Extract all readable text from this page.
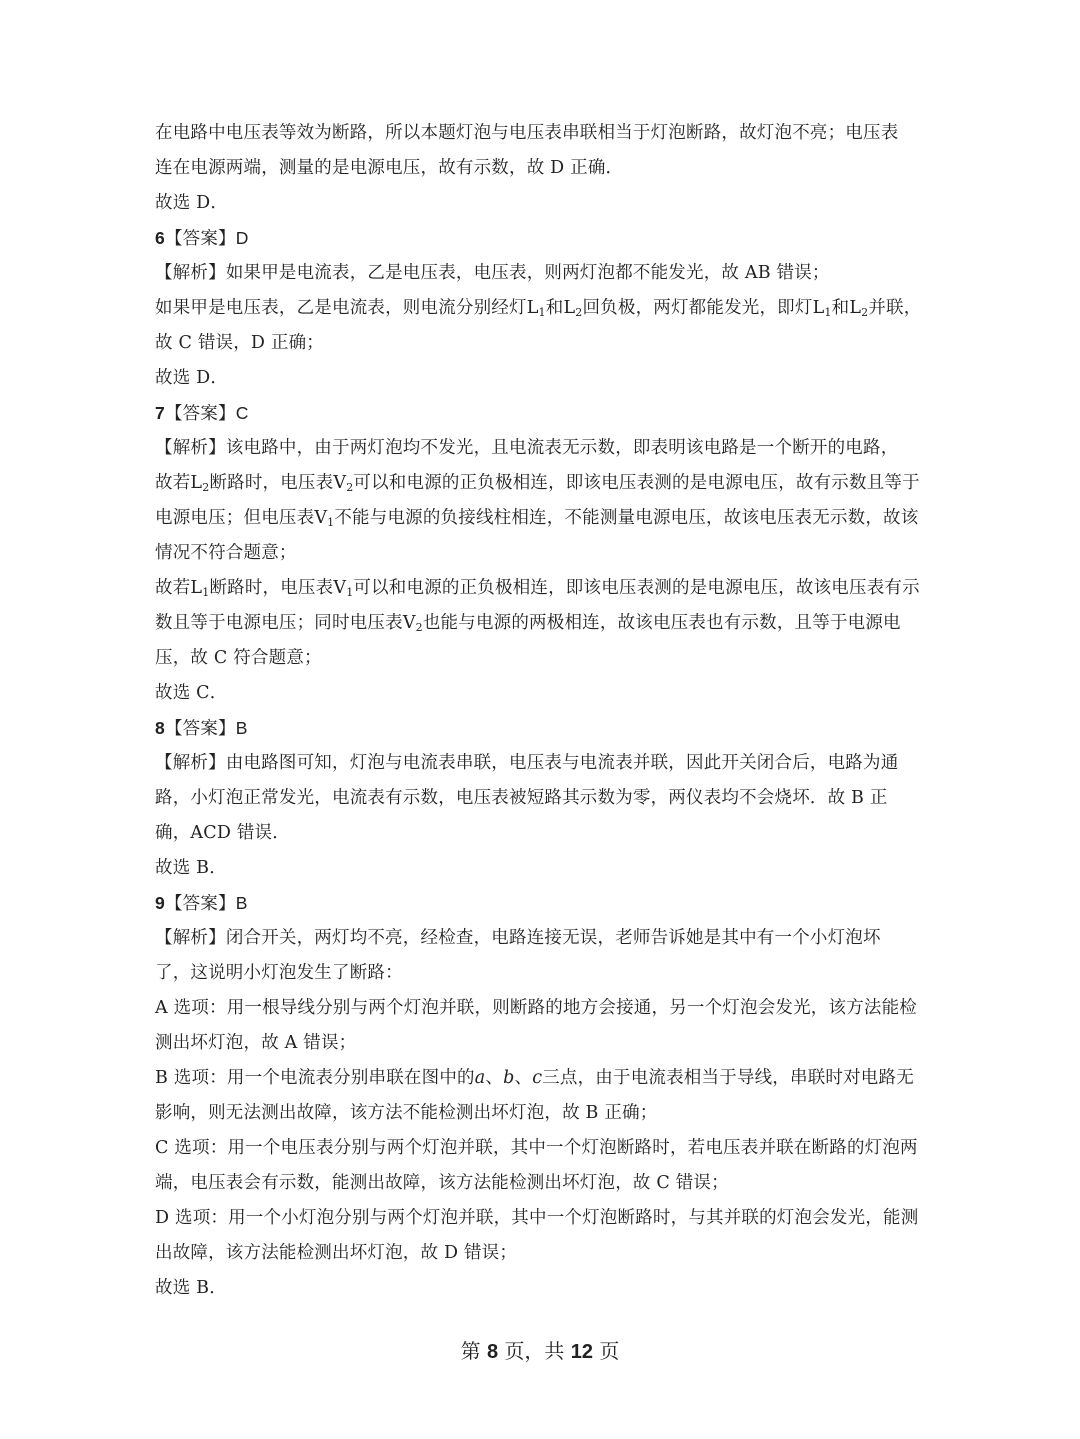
在电路中电压表等效为断路，所以本题灯泡与电压表串联相当于灯泡断路，故灯泡不亮；电压表
连在电源两端，测量的是电源电压，故有示数，故 D 正确．
故选 D．
6【答案】D
【解析】如果甲是电流表，乙是电压表，电压表，则两灯泡都不能发光，故 AB 错误；
如果甲是电压表，乙是电流表，则电流分别经灯$L_1$和$L_2$回负极，两灯都能发光，即灯$L_1$和$L_2$并联，
故 C 错误，D 正确；
故选 D．
7【答案】C
【解析】该电路中，由于两灯泡均不发光，且电流表无示数，即表明该电路是一个断开的电路，
故若$L_2$断路时，电压表$V_2$可以和电源的正负极相连，即该电压表测的是电源电压，故有示数且等于
电源电压；但电压表$V_1$不能与电源的负接线柱相连，不能测量电源电压，故该电压表无示数，故该
情况不符合题意；
故若$L_1$断路时，电压表$V_1$可以和电源的正负极相连，即该电压表测的是电源电压，故该电压表有示
数且等于电源电压；同时电压表$V_2$也能与电源的两极相连，故该电压表也有示数，且等于电源电
压，故 C 符合题意；
故选 C．
8【答案】B
【解析】由电路图可知，灯泡与电流表串联，电压表与电流表并联，因此开关闭合后，电路为通
路，小灯泡正常发光，电流表有示数，电压表被短路其示数为零，两仪表均不会烧坏．故 B 正
确，ACD 错误．
故选 B．
9【答案】B
【解析】闭合开关，两灯均不亮，经检查，电路连接无误，老师告诉她是其中有一个小灯泡坏
了，这说明小灯泡发生了断路：
A 选项：用一根导线分别与两个灯泡并联，则断路的地方会接通，另一个灯泡会发光，该方法能检
测出坏灯泡，故 A 错误；
B 选项：用一个电流表分别串联在图中的a、b、c三点，由于电流表相当于导线，串联时对电路无
影响，则无法测出故障，该方法不能检测出坏灯泡，故 B 正确；
C 选项：用一个电压表分别与两个灯泡并联，其中一个灯泡断路时，若电压表并联在断路的灯泡两
端，电压表会有示数，能测出故障，该方法能检测出坏灯泡，故 C 错误；
D 选项：用一个小灯泡分别与两个灯泡并联，其中一个灯泡断路时，与其并联的灯泡会发光，能测
出故障，该方法能检测出坏灯泡，故 D 错误；
故选 B．
第 8 页，共 12 页
